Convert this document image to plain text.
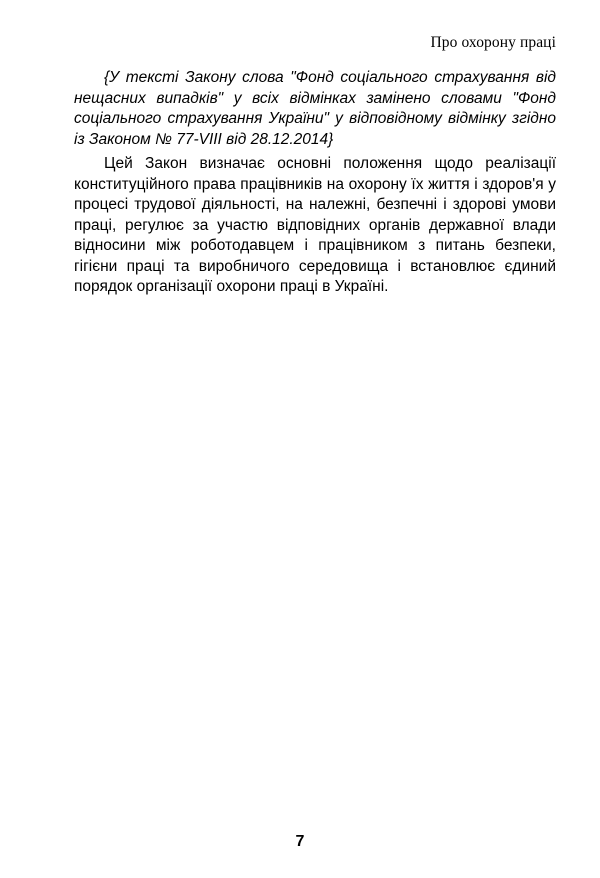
Про охорону праці

{У тексті Закону слова "Фонд соціального страхування від нещасних випадків" у всіх відмінках замінено словами "Фонд соціального страхування України" у відповідному відмінку згідно із Законом № 77-VIII від 28.12.2014}

Цей Закон визначає основні положення щодо реалізації конституційного права працівників на охорону їх життя і здоров'я у процесі трудової діяльності, на належні, безпечні і здорові умови праці, регулює за участю відповідних органів державної влади відносини між роботодавцем і працівником з питань безпеки, гігієни праці та виробничого середовища і встановлює єдиний порядок організації охорони праці в Україні.

7
